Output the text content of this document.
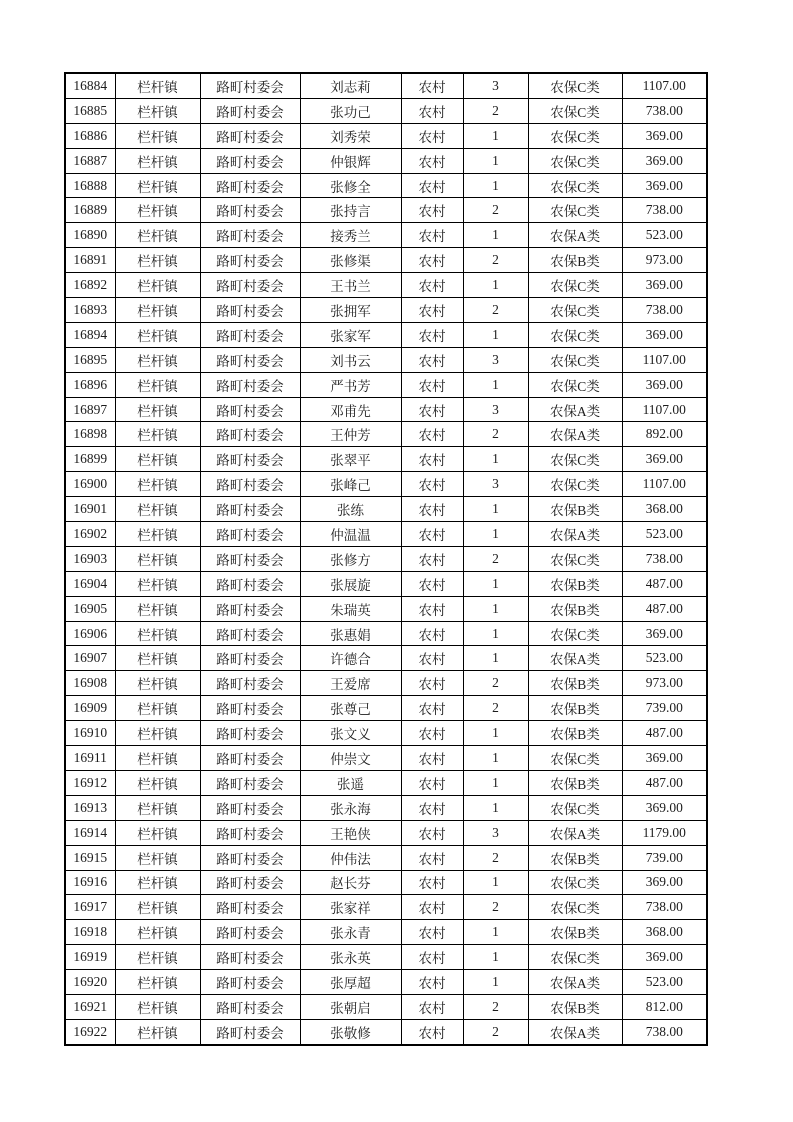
16884	栏杆镇	路町村委会	刘志莉	农村	3	农保C类	1107.00
16885	栏杆镇	路町村委会	张功己	农村	2	农保C类	738.00
16886	栏杆镇	路町村委会	刘秀荣	农村	1	农保C类	369.00
16887	栏杆镇	路町村委会	仲银辉	农村	1	农保C类	369.00
16888	栏杆镇	路町村委会	张修全	农村	1	农保C类	369.00
16889	栏杆镇	路町村委会	张持言	农村	2	农保C类	738.00
16890	栏杆镇	路町村委会	接秀兰	农村	1	农保A类	523.00
16891	栏杆镇	路町村委会	张修渠	农村	2	农保B类	973.00
16892	栏杆镇	路町村委会	王书兰	农村	1	农保C类	369.00
16893	栏杆镇	路町村委会	张拥军	农村	2	农保C类	738.00
16894	栏杆镇	路町村委会	张家军	农村	1	农保C类	369.00
16895	栏杆镇	路町村委会	刘书云	农村	3	农保C类	1107.00
16896	栏杆镇	路町村委会	严书芳	农村	1	农保C类	369.00
16897	栏杆镇	路町村委会	邓甫先	农村	3	农保A类	1107.00
16898	栏杆镇	路町村委会	王仲芳	农村	2	农保A类	892.00
16899	栏杆镇	路町村委会	张翠平	农村	1	农保C类	369.00
16900	栏杆镇	路町村委会	张峰己	农村	3	农保C类	1107.00
16901	栏杆镇	路町村委会	张练	农村	1	农保B类	368.00
16902	栏杆镇	路町村委会	仲温温	农村	1	农保A类	523.00
16903	栏杆镇	路町村委会	张修方	农村	2	农保C类	738.00
16904	栏杆镇	路町村委会	张展旋	农村	1	农保B类	487.00
16905	栏杆镇	路町村委会	朱瑞英	农村	1	农保B类	487.00
16906	栏杆镇	路町村委会	张惠娟	农村	1	农保C类	369.00
16907	栏杆镇	路町村委会	许德合	农村	1	农保A类	523.00
16908	栏杆镇	路町村委会	王爱席	农村	2	农保B类	973.00
16909	栏杆镇	路町村委会	张尊己	农村	2	农保B类	739.00
16910	栏杆镇	路町村委会	张文义	农村	1	农保B类	487.00
16911	栏杆镇	路町村委会	仲崇文	农村	1	农保C类	369.00
16912	栏杆镇	路町村委会	张遥	农村	1	农保B类	487.00
16913	栏杆镇	路町村委会	张永海	农村	1	农保C类	369.00
16914	栏杆镇	路町村委会	王艳侠	农村	3	农保A类	1179.00
16915	栏杆镇	路町村委会	仲伟法	农村	2	农保B类	739.00
16916	栏杆镇	路町村委会	赵长芬	农村	1	农保C类	369.00
16917	栏杆镇	路町村委会	张家祥	农村	2	农保C类	738.00
16918	栏杆镇	路町村委会	张永青	农村	1	农保B类	368.00
16919	栏杆镇	路町村委会	张永英	农村	1	农保C类	369.00
16920	栏杆镇	路町村委会	张厚超	农村	1	农保A类	523.00
16921	栏杆镇	路町村委会	张朝启	农村	2	农保B类	812.00
16922	栏杆镇	路町村委会	张敬修	农村	2	农保A类	738.00
